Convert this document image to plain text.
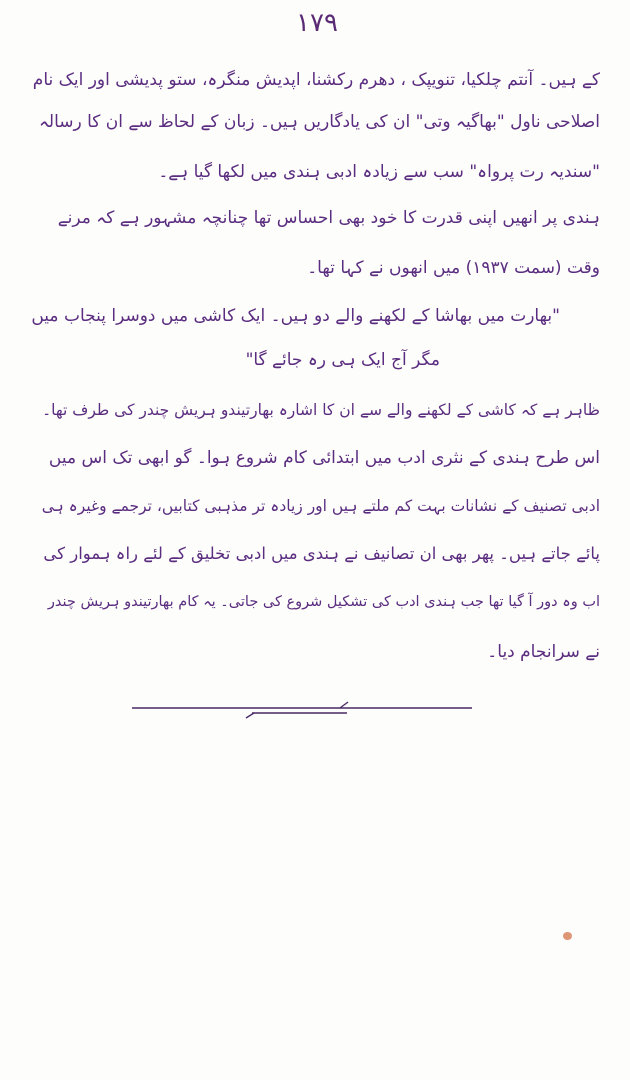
۱۷۹
کے ہیں۔ آنتم چلکیا، تنویپک ، دھرم رکشنا، اپدیش منگرہ، ستو پدیشی اور ایک نام
اصلاحی ناول "بھاگیہ وتی" ان کی یادگاریں ہیں۔ زبان کے لحاظ سے ان کا رسالہ
"سندیہ رت پرواہ" سب سے زیادہ ادبی ہندی میں لکھا گیا ہے۔
ہندی پر انھیں اپنی قدرت کا خود بھی احساس تھا چنانچہ مشہور ہے کہ مرنے
وقت (سمت ۱۹۳۷) میں انھوں نے کہا تھا۔
"بھارت میں بھاشا کے لکھنے والے دو ہیں۔ ایک کاشی میں دوسرا پنجاب میں
مگر آج ایک ہی رہ جائے گا"
ظاہر ہے کہ کاشی کے لکھنے والے سے ان کا اشارہ بھارتیندو ہریش چندر کی طرف تھا۔
اس طرح ہندی کے نثری ادب میں ابتدائی کام شروع ہوا۔ گو ابھی تک اس میں
ادبی تصنیف کے نشانات بہت کم ملتے ہیں اور زیادہ تر مذہبی کتابیں، ترجمے وغیرہ ہی
پائے جاتے ہیں۔ پھر بھی ان تصانیف نے ہندی میں ادبی تخلیق کے لئے راہ ہموار کی
اب وہ دور آ گیا تھا جب ہندی ادب کی تشکیل شروع کی جاتی۔ یہ کام بھارتیندو ہریش چندر
نے سرانجام دیا۔
